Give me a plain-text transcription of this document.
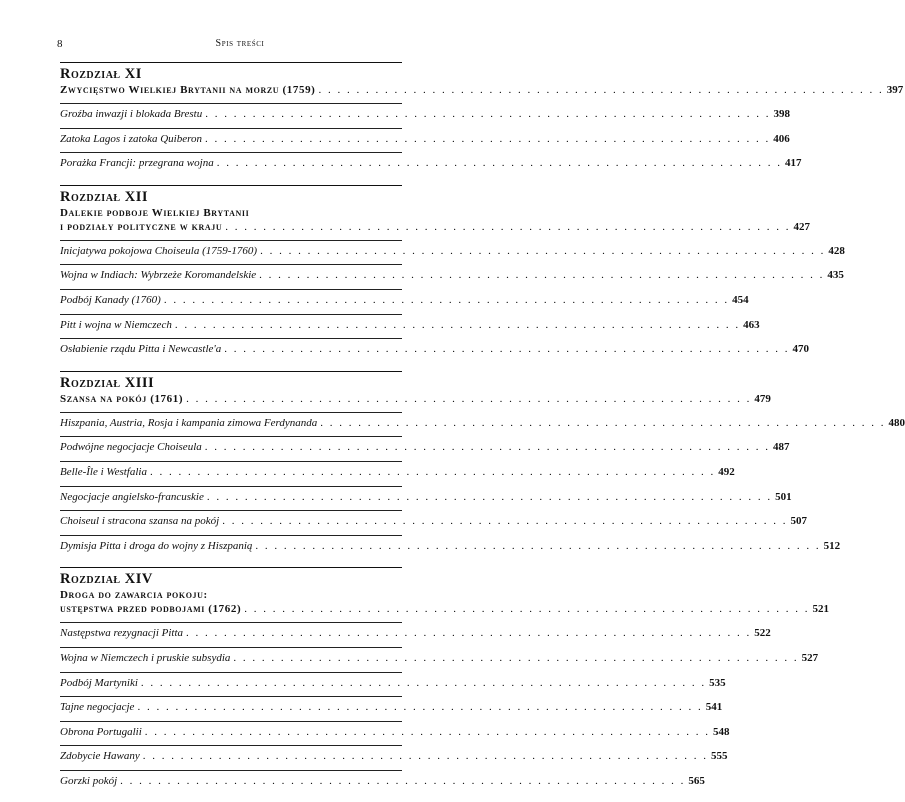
8	Spis treści
Rozdział XI
Zwycięstwo Wielkiej Brytanii na morzu (1759) . . . . . . . . . . . . . . . . . . . . . . . . . . . . . . . . . . . . . . . . . . . . . . . . . . . . . . . . . . . . 397
Groźba inwazji i blokada Brestu . . . . . . . . . . . . . . . . . . . . . . . . . . . . . . . . . . . . . . . . . . . . . . . . . . . . . . . . . . . . 398
Zatoka Lagos i zatoka Quiberon . . . . . . . . . . . . . . . . . . . . . . . . . . . . . . . . . . . . . . . . . . . . . . . . . . . . . . . . . . . . 406
Porażka Francji: przegrana wojna . . . . . . . . . . . . . . . . . . . . . . . . . . . . . . . . . . . . . . . . . . . . . . . . . . . . . . . . . . . . 417
Rozdział XII
Dalekie podboje Wielkiej Brytanii
i podziały polityczne w kraju . . . . . . . . . . . . . . . . . . . . . . . . . . . . . . . . . . . . . . . . . . . . . . . . . . . . . . . . . . . . 427
Inicjatywa pokojowa Choiseula (1759-1760) . . . . . . . . . . . . . . . . . . . . . . . . . . . . . . . . . . . . . . . . . . . . . . . . . . . . . . . . . . . . 428
Wojna w Indiach: Wybrzeże Koromandelskie . . . . . . . . . . . . . . . . . . . . . . . . . . . . . . . . . . . . . . . . . . . . . . . . . . . . . . . . . . . . 435
Podbój Kanady (1760) . . . . . . . . . . . . . . . . . . . . . . . . . . . . . . . . . . . . . . . . . . . . . . . . . . . . . . . . . . . . 454
Pitt i wojna w Niemczech . . . . . . . . . . . . . . . . . . . . . . . . . . . . . . . . . . . . . . . . . . . . . . . . . . . . . . . . . . . . 463
Osłabienie rządu Pitta i Newcastle'a . . . . . . . . . . . . . . . . . . . . . . . . . . . . . . . . . . . . . . . . . . . . . . . . . . . . . . . . . . . . 470
Rozdział XIII
Szansa na pokój (1761) . . . . . . . . . . . . . . . . . . . . . . . . . . . . . . . . . . . . . . . . . . . . . . . . . . . . . . . . . . . . 479
Hiszpania, Austria, Rosja i kampania zimowa Ferdynanda . . . . . . . . . . . . . . . . . . . . . . . . . . . . . . . . . . . . . . . . . . . . . . . . . . . . . . . . . . . . 480
Podwójne negocjacje Choiseula . . . . . . . . . . . . . . . . . . . . . . . . . . . . . . . . . . . . . . . . . . . . . . . . . . . . . . . . . . . . 487
Belle-Île i Westfalia . . . . . . . . . . . . . . . . . . . . . . . . . . . . . . . . . . . . . . . . . . . . . . . . . . . . . . . . . . . . 492
Negocjacje angielsko-francuskie . . . . . . . . . . . . . . . . . . . . . . . . . . . . . . . . . . . . . . . . . . . . . . . . . . . . . . . . . . . . 501
Choiseul i stracona szansa na pokój . . . . . . . . . . . . . . . . . . . . . . . . . . . . . . . . . . . . . . . . . . . . . . . . . . . . . . . . . . . . 507
Dymisja Pitta i droga do wojny z Hiszpanią . . . . . . . . . . . . . . . . . . . . . . . . . . . . . . . . . . . . . . . . . . . . . . . . . . . . . . . . . . . . 512
Rozdział XIV
Droga do zawarcia pokoju:
ustępstwa przed podbojami (1762) . . . . . . . . . . . . . . . . . . . . . . . . . . . . . . . . . . . . . . . . . . . . . . . . . . . . . . . . . . . . 521
Następstwa rezygnacji Pitta . . . . . . . . . . . . . . . . . . . . . . . . . . . . . . . . . . . . . . . . . . . . . . . . . . . . . . . . . . . . 522
Wojna w Niemczech i pruskie subsydia . . . . . . . . . . . . . . . . . . . . . . . . . . . . . . . . . . . . . . . . . . . . . . . . . . . . . . . . . . . . 527
Podbój Martyniki . . . . . . . . . . . . . . . . . . . . . . . . . . . . . . . . . . . . . . . . . . . . . . . . . . . . . . . . . . . . 535
Tajne negocjacje . . . . . . . . . . . . . . . . . . . . . . . . . . . . . . . . . . . . . . . . . . . . . . . . . . . . . . . . . . . . 541
Obrona Portugalii . . . . . . . . . . . . . . . . . . . . . . . . . . . . . . . . . . . . . . . . . . . . . . . . . . . . . . . . . . . . 548
Zdobycie Hawany . . . . . . . . . . . . . . . . . . . . . . . . . . . . . . . . . . . . . . . . . . . . . . . . . . . . . . . . . . . . 555
Gorzki pokój . . . . . . . . . . . . . . . . . . . . . . . . . . . . . . . . . . . . . . . . . . . . . . . . . . . . . . . . . . . . 565
